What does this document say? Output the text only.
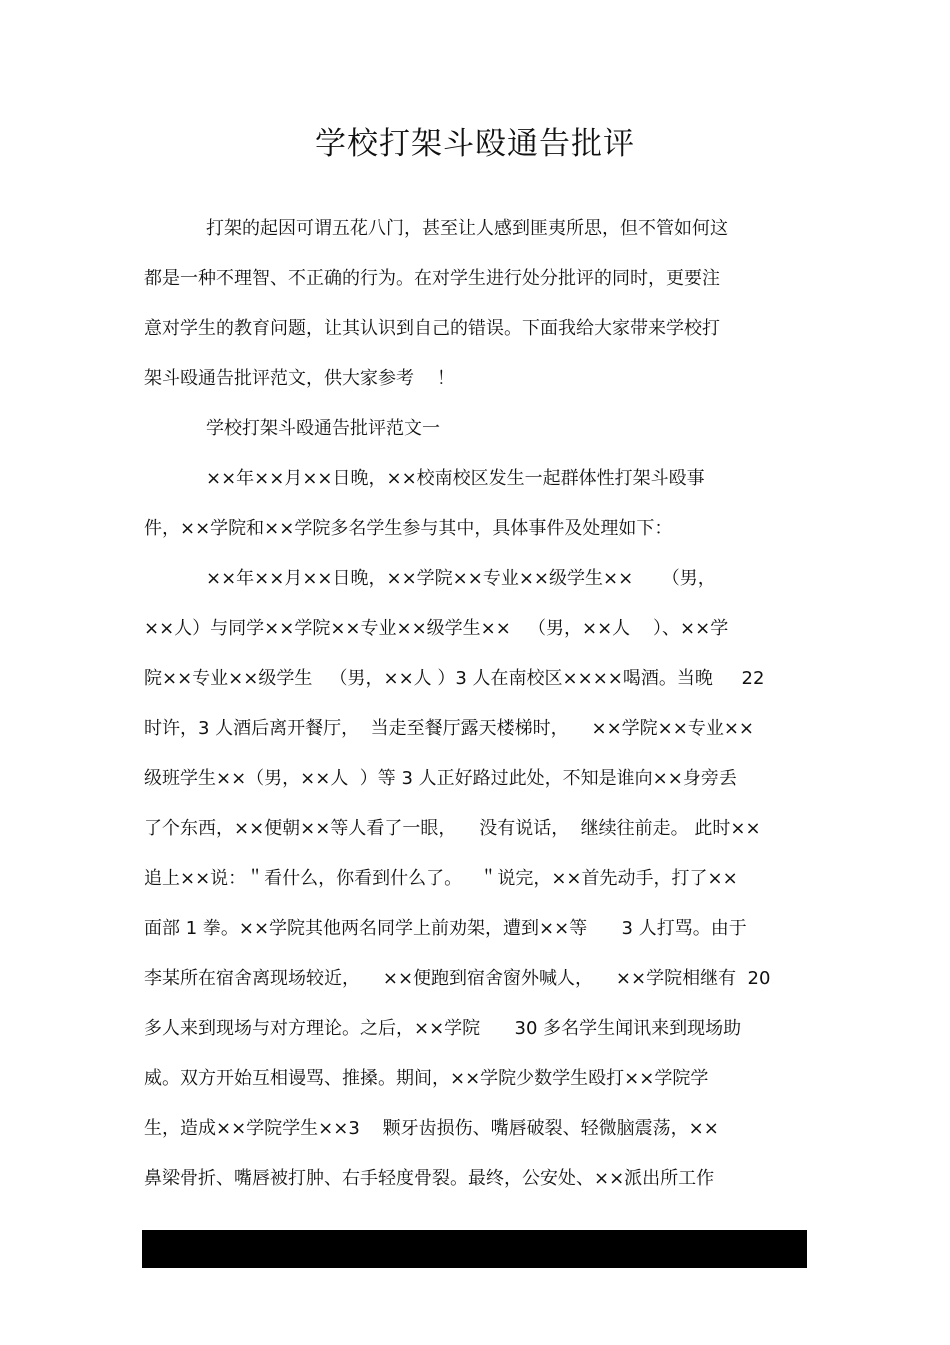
学校打架斗殴通告批评

打架的起因可谓五花八门，甚至让人感到匪夷所思，但不管如何这

都是一种不理智、不正确的行为。在对学生进行处分批评的同时，更要注

意对学生的教育问题，让其认识到自己的错误。下面我给大家带来学校打

架斗殴通告批评范文，供大家参考    ！

学校打架斗殴通告批评范文一

××年××月××日晚，××校南校区发生一起群体性打架斗殴事

件，××学院和××学院多名学生参与其中，具体事件及处理如下：

××年××月××日晚，××学院××专业××级学生××     （男，

××人）与同学××学院××专业××级学生××   （男，××人    ）、××学

院××专业××级学生   （男，××人 ）3 人在南校区××××喝酒。当晚     22

时许，3 人酒后离开餐厅，  当走至餐厅露天楼梯时，    ××学院××专业××

级班学生××（男，××人  ）等 3 人正好路过此处，不知是谁向××身旁丢

了个东西，××便朝××等人看了一眼，    没有说话，  继续往前走。 此时××

追上××说：＂看什么，你看到什么了。   ＂说完，××首先动手，打了××

面部 1 拳。××学院其他两名同学上前劝架，遭到××等      3 人打骂。由于

李某所在宿舍离现场较近，    ××便跑到宿舍窗外喊人，    ××学院相继有  20

多人来到现场与对方理论。之后，××学院      30 多名学生闻讯来到现场助

威。双方开始互相谩骂、推搡。期间，××学院少数学生殴打××学院学

生，造成××学院学生××3    颗牙齿损伤、嘴唇破裂、轻微脑震荡，××

鼻梁骨折、嘴唇被打肿、右手轻度骨裂。最终，公安处、××派出所工作
